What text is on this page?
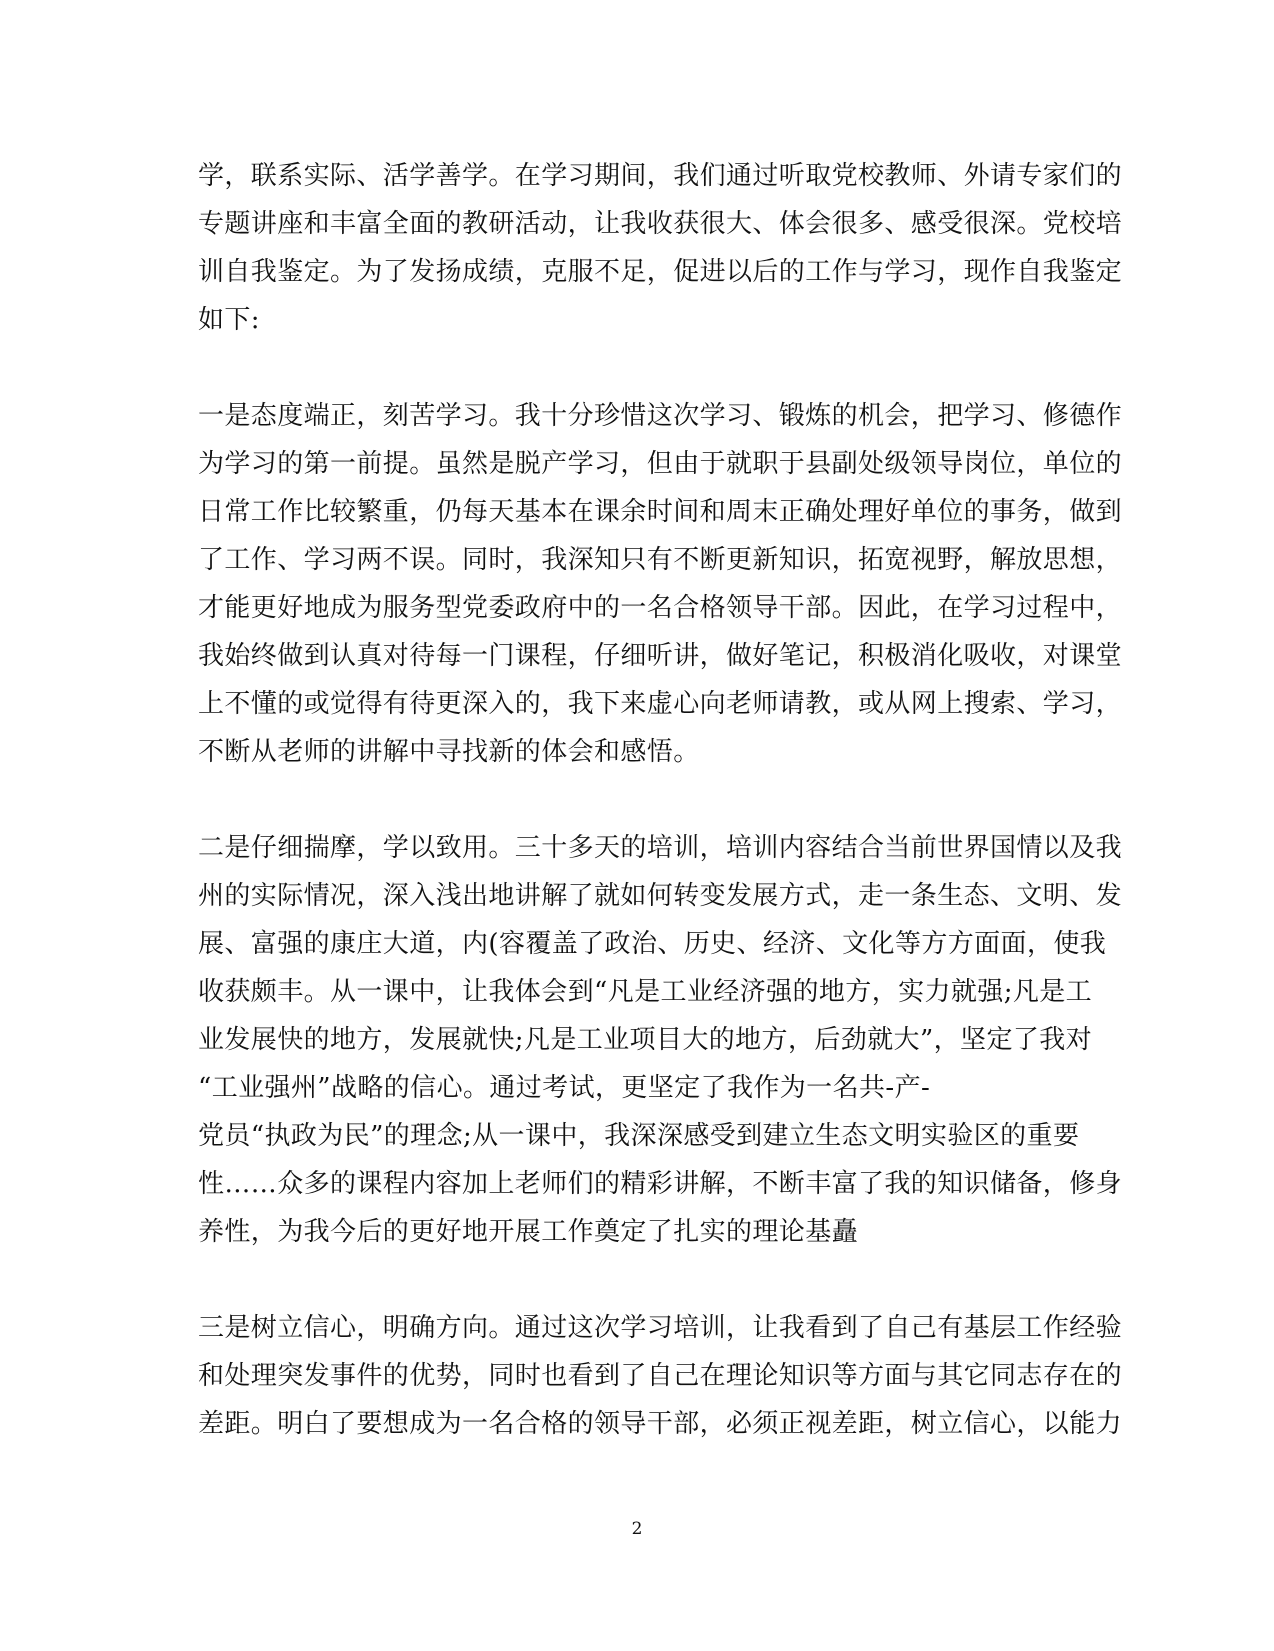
学，联系实际、活学善学。在学习期间，我们通过听取党校教师、外请专家们的
专题讲座和丰富全面的教研活动，让我收获很大、体会很多、感受很深。党校培
训自我鉴定。为了发扬成绩，克服不足，促进以后的工作与学习，现作自我鉴定
如下:
一是态度端正，刻苦学习。我十分珍惜这次学习、锻炼的机会，把学习、修德作
为学习的第一前提。虽然是脱产学习，但由于就职于县副处级领导岗位，单位的
日常工作比较繁重，仍每天基本在课余时间和周末正确处理好单位的事务，做到
了工作、学习两不误。同时，我深知只有不断更新知识，拓宽视野，解放思想，
才能更好地成为服务型党委政府中的一名合格领导干部。因此，在学习过程中，
我始终做到认真对待每一门课程，仔细听讲，做好笔记，积极消化吸收，对课堂
上不懂的或觉得有待更深入的，我下来虚心向老师请教，或从网上搜索、学习，
不断从老师的讲解中寻找新的体会和感悟。
二是仔细揣摩，学以致用。三十多天的培训，培训内容结合当前世界国情以及我
州的实际情况，深入浅出地讲解了就如何转变发展方式，走一条生态、文明、发
展、富强的康庄大道，内(容覆盖了政治、历史、经济、文化等方方面面，使我
收获颇丰。从一课中，让我体会到“凡是工业经济强的地方，实力就强;凡是工
业发展快的地方，发展就快;凡是工业项目大的地方，后劲就大”，坚定了我对
“工业强州”战略的信心。通过考试，更坚定了我作为一名共-产-
党员“执政为民”的理念;从一课中，我深深感受到建立生态文明实验区的重要
性……众多的课程内容加上老师们的精彩讲解，不断丰富了我的知识储备，修身
养性，为我今后的更好地开展工作奠定了扎实的理论基矗
三是树立信心，明确方向。通过这次学习培训，让我看到了自己有基层工作经验
和处理突发事件的优势，同时也看到了自己在理论知识等方面与其它同志存在的
差距。明白了要想成为一名合格的领导干部，必须正视差距，树立信心，以能力
2
